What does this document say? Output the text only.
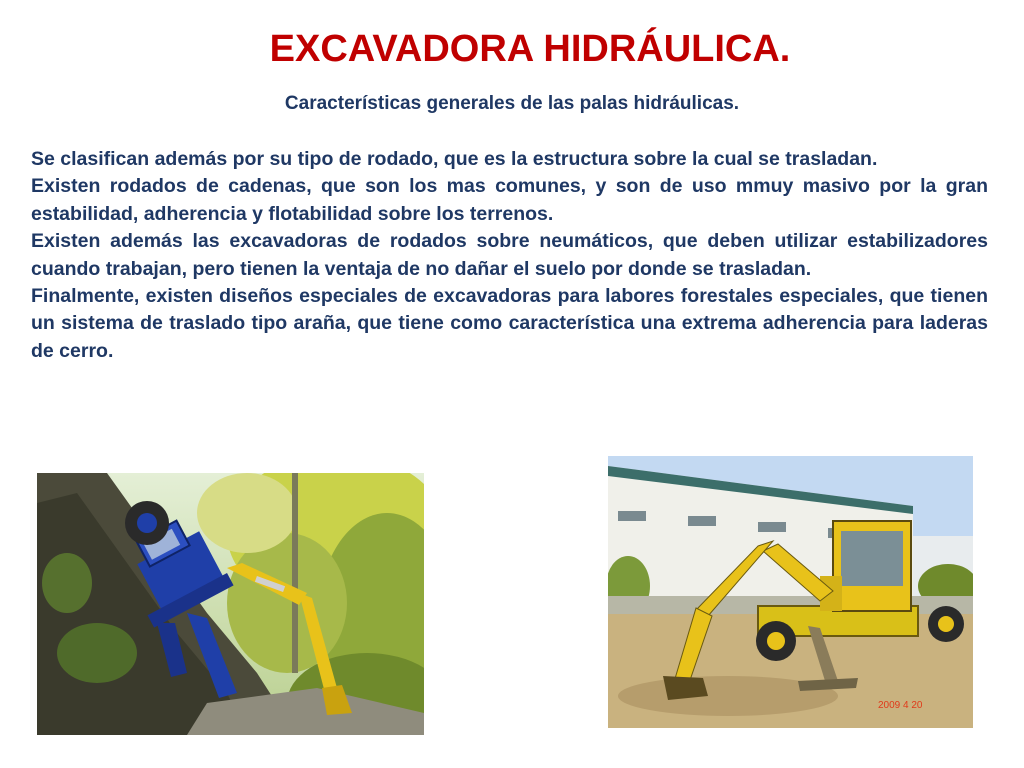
EXCAVADORA HIDRÁULICA.
Características generales de las palas hidráulicas.

Se clasifican además por su tipo de rodado, que es la estructura sobre la cual se trasladan.

Existen rodados de cadenas, que son los mas comunes, y son de uso mmuy masivo por la gran estabilidad, adherencia y flotabilidad sobre los terrenos.

Existen además las excavadoras de rodados sobre neumáticos, que deben utilizar estabilizadores cuando trabajan, pero tienen la ventaja de no dañar el suelo por donde se trasladan.

Finalmente, existen diseños especiales de excavadoras para labores forestales especiales, que tienen un sistema de traslado tipo araña, que tiene como característica una extrema adherencia para laderas de cerro.

2009 4 20
